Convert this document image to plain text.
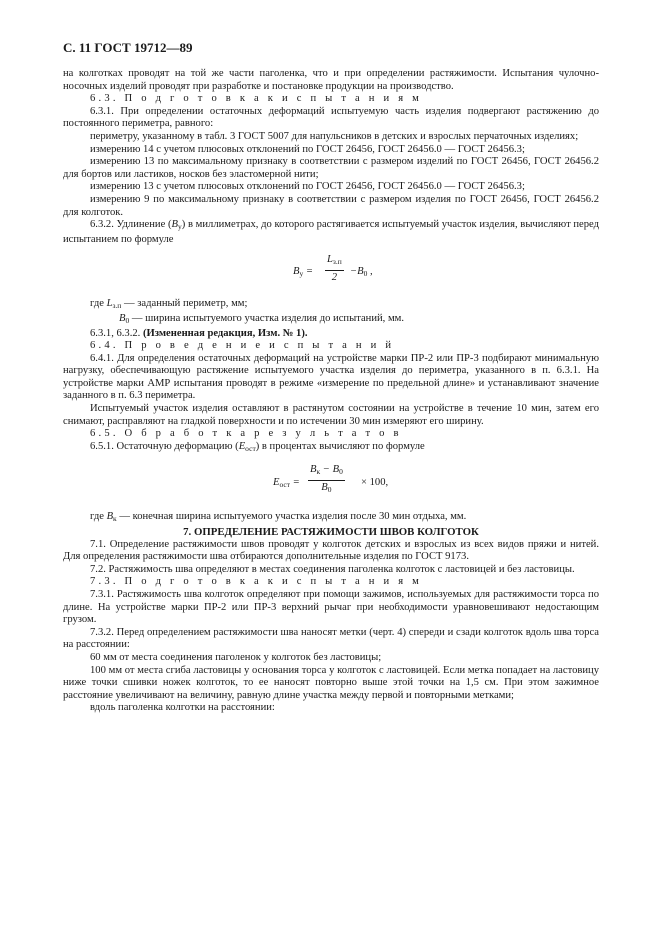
С. 11 ГОСТ 19712—89

на колготках проводят на той же части паголенка, что и при определении растяжимости. Испытания чулочно-носочных изделий проводят при разработке и постановке продукции на производство.

6.3. П о д г о т о в к а к и с п ы т а н и я м

6.3.1. При определении остаточных деформаций испытуемую часть изделия подвергают растяжению до постоянного периметра, равного:

периметру, указанному в табл. 3 ГОСТ 5007 для напульсников в детских и взрослых перчаточных изделиях;

измерению 14 с учетом плюсовых отклонений по ГОСТ 26456, ГОСТ 26456.0 — ГОСТ 26456.3;

измерению 13 по максимальному признаку в соответствии с размером изделий по ГОСТ 26456, ГОСТ 26456.2 для бортов или ластиков, носков без эластомерной нити;

измерению 13 с учетом плюсовых отклонений по ГОСТ 26456, ГОСТ 26456.0 — ГОСТ 26456.3;

измерению 9 по максимальному признаку в соответствии с размером изделия по ГОСТ 26456, ГОСТ 26456.2 для колготок.

6.3.2. Удлинение $(B_у)$ в миллиметрах, до которого растягивается испытуемый участок изделия, вычисляют перед испытанием по формуле

$B_у$ =
$L_{з.п}$
2
$-B_0$ ,

где $L_{з.п}$ — заданный периметр, мм;

$B_0$ — ширина испытуемого участка изделия до испытаний, мм.

6.3.1, 6.3.2. (Измененная редакция, Изм. № 1).

6.4. П р о в е д е н и е и с п ы т а н и й

6.4.1. Для определения остаточных деформаций на устройстве марки ПР-2 или ПР-3 подбирают минимальную нагрузку, обеспечивающую растяжение испытуемого участка изделия до периметра, указанного в п. 6.3.1. На устройстве марки АМР испытания проводят в режиме «измерение по предельной длине» и устанавливают значение заданного в п. 6.3 периметра.

Испытуемый участок изделия оставляют в растянутом состоянии на устройстве в течение 10 мин, затем его снимают, расправляют на гладкой поверхности и по истечении 30 мин измеряют его ширину.

6.5. О б р а б о т к а р е з у л ь т а т о в

6.5.1. Остаточную деформацию $(E_{ост})$ в процентах вычисляют по формуле

$E_{ост}$ =
$B_к - B_0$
$B_0$
× 100,

где $B_к$ — конечная ширина испытуемого участка изделия после 30 мин отдыха, мм.

7. ОПРЕДЕЛЕНИЕ РАСТЯЖИМОСТИ ШВОВ КОЛГОТОК

7.1. Определение растяжимости швов проводят у колготок детских и взрослых из всех видов пряжи и нитей. Для определения растяжимости шва отбираются дополнительные изделия по ГОСТ 9173.

7.2. Растяжимость шва определяют в местах соединения паголенка колготок с ластовицей и без ластовицы.

7.3. П о д г о т о в к а к и с п ы т а н и я м

7.3.1. Растяжимость шва колготок определяют при помощи зажимов, используемых для растяжимости торса по длине. На устройстве марки ПР-2 или ПР-3 верхний рычаг при необходимости уравновешивают недостающим грузом.

7.3.2. Перед определением растяжимости шва наносят метки (черт. 4) спереди и сзади колготок вдоль шва торса на расстоянии:

60 мм от места соединения паголенок у колготок без ластовицы;

100 мм от места сгиба ластовицы у основания торса у колготок с ластовицей. Если метка попадает на ластовицу ниже точки сшивки ножек колготок, то ее наносят повторно выше этой точки на 1,5 см. При этом зажимное расстояние увеличивают на величину, равную длине участка между первой и повторными метками;

вдоль паголенка колготки на расстоянии:
